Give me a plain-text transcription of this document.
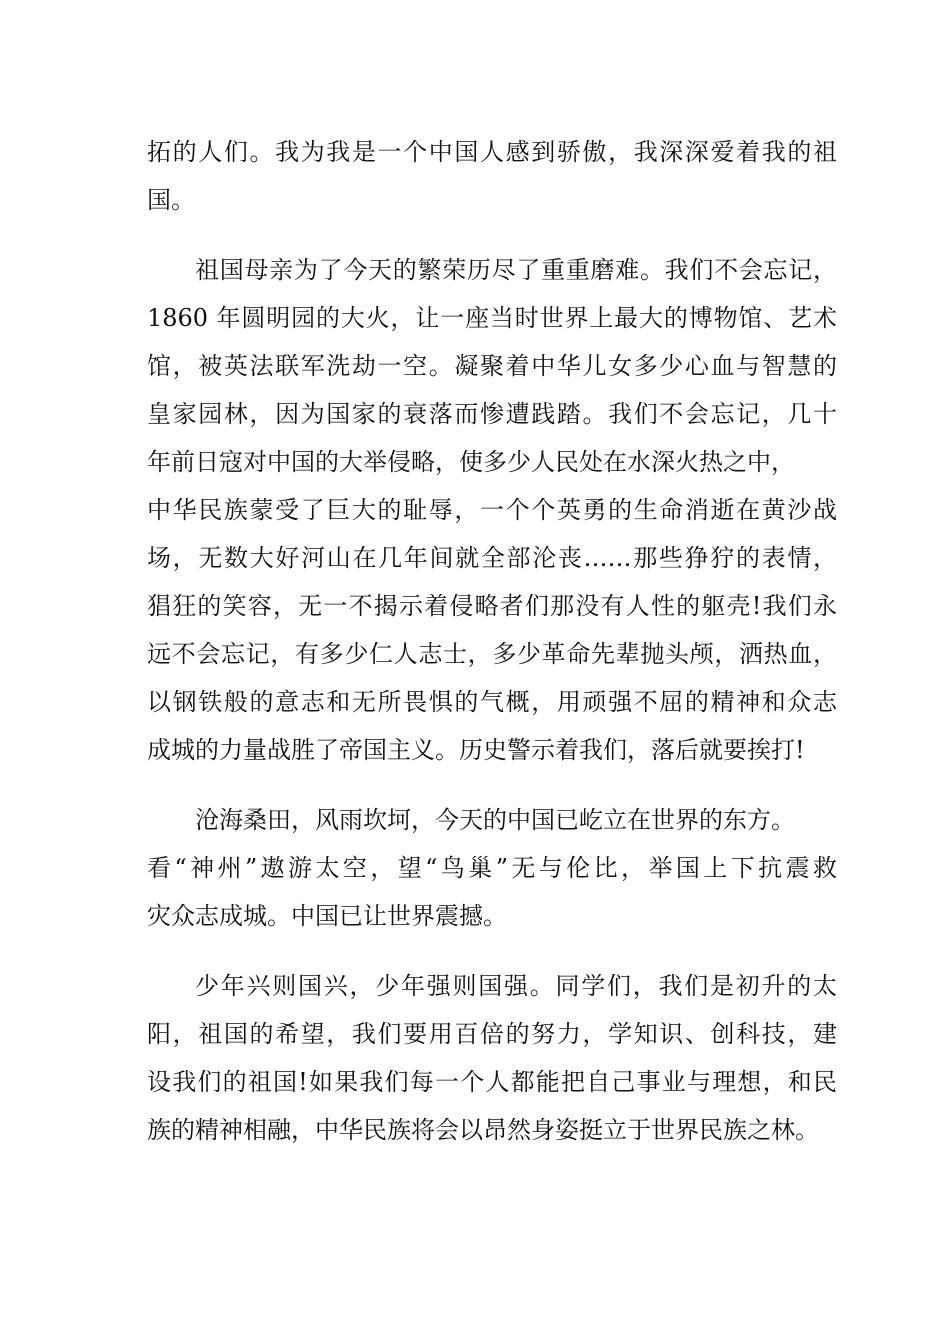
拓的人们。我为我是一个中国人感到骄傲，我深深爱着我的祖
国。
祖国母亲为了今天的繁荣历尽了重重磨难。我们不会忘记，
1860 年圆明园的大火，让一座当时世界上最大的博物馆、艺术
馆，被英法联军洗劫一空。凝聚着中华儿女多少心血与智慧的
皇家园林，因为国家的衰落而惨遭践踏。我们不会忘记，几十
年前日寇对中国的大举侵略，使多少人民处在水深火热之中，
中华民族蒙受了巨大的耻辱，一个个英勇的生命消逝在黄沙战
场，无数大好河山在几年间就全部沦丧……那些狰狞的表情，
猖狂的笑容，无一不揭示着侵略者们那没有人性的躯壳!我们永
远不会忘记，有多少仁人志士，多少革命先辈抛头颅，洒热血，
以钢铁般的意志和无所畏惧的气概，用顽强不屈的精神和众志
成城的力量战胜了帝国主义。历史警示着我们，落后就要挨打!
沧海桑田，风雨坎坷，今天的中国已屹立在世界的东方。
看“神州”遨游太空，望“鸟巢”无与伦比，举国上下抗震救
灾众志成城。中国已让世界震撼。
少年兴则国兴，少年强则国强。同学们，我们是初升的太
阳，祖国的希望，我们要用百倍的努力，学知识、创科技，建
设我们的祖国!如果我们每一个人都能把自己事业与理想，和民
族的精神相融，中华民族将会以昂然身姿挺立于世界民族之林。
